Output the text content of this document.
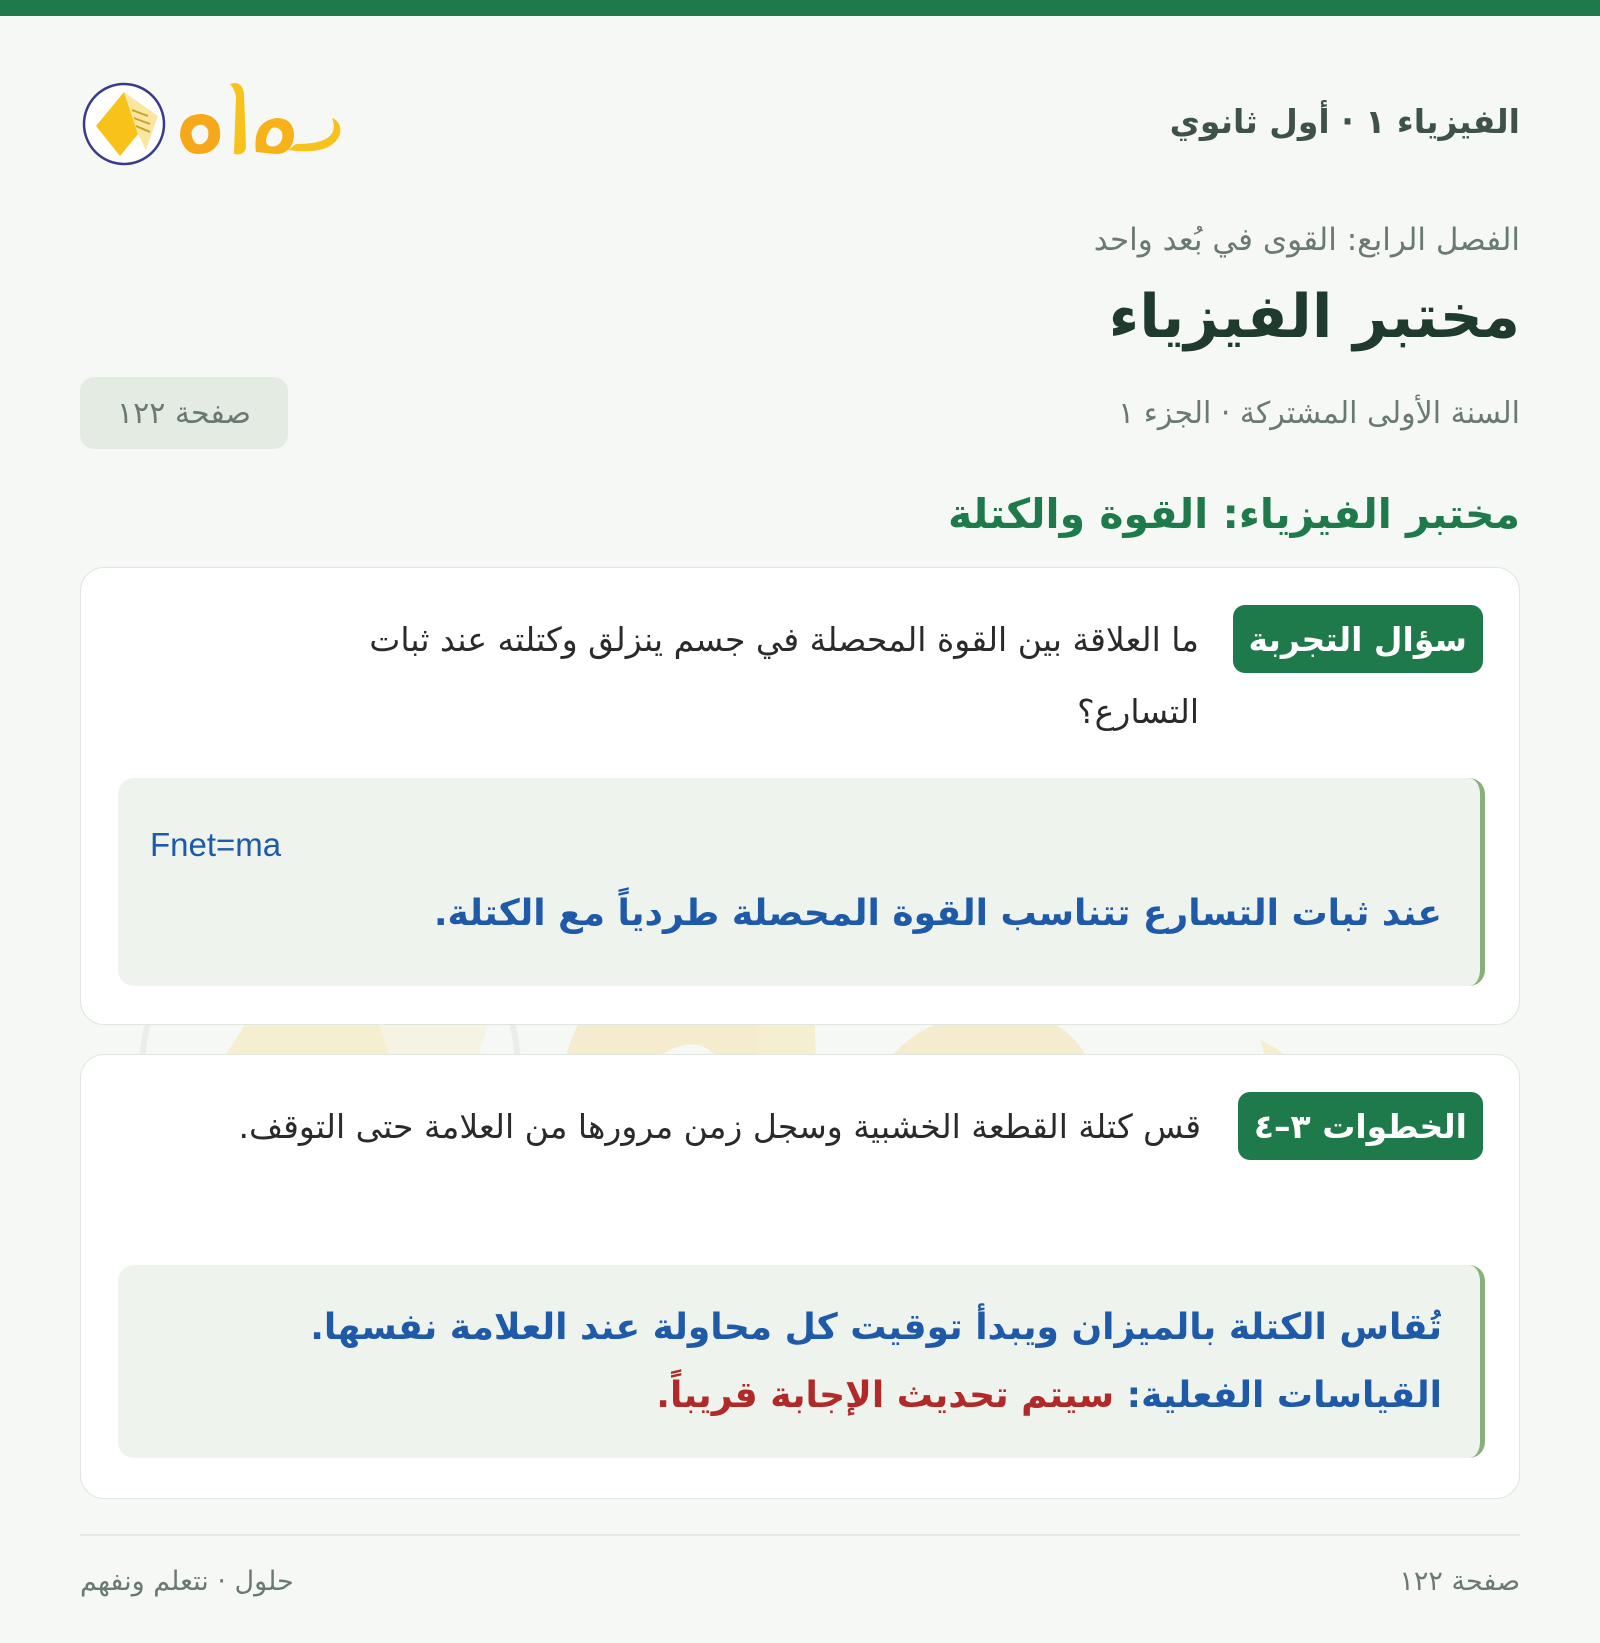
الفيزياء ١ · أول ثانوي
الفصل الرابع: القوى في بُعد واحد
مختبر الفيزياء
السنة الأولى المشتركة · الجزء ١
صفحة ١٢٢
مختبر الفيزياء: القوة والكتلة
سؤال التجربة
ما العلاقة بين القوة المحصلة في جسم ينزلق وكتلته عند ثبات التسارع؟
Fnet=ma
عند ثبات التسارع تتناسب القوة المحصلة طردياً مع الكتلة.
الخطوات ٣–٤
قس كتلة القطعة الخشبية وسجل زمن مرورها من العلامة حتى التوقف.
تُقاس الكتلة بالميزان ويبدأ توقيت كل محاولة عند العلامة نفسها.
القياسات الفعلية: سيتم تحديث الإجابة قريباً.
صفحة ١٢٢
حلول · نتعلم ونفهم
